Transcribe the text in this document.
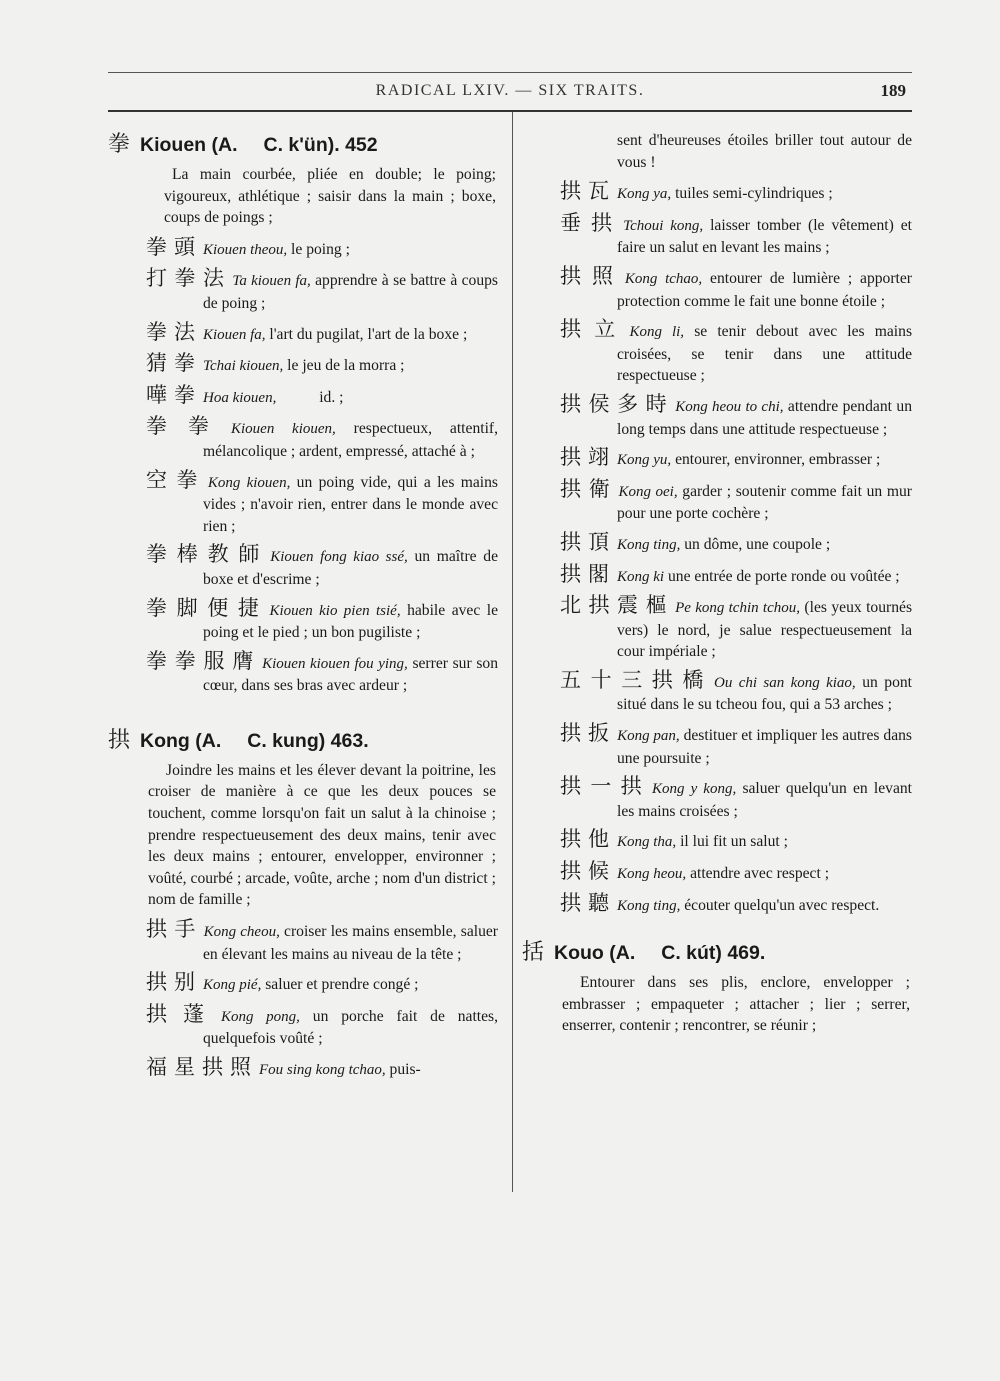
RADICAL LXIV. — SIX TRAITS.	189
拳 Kiouen (A. C. k'ün). 452
La main courbée, pliée en double; le poing; vigoureux, athlétique ; saisir dans la main ; boxe, coups de poings ;
拳頭Kiouen theou, le poing ;
打拳法Ta kiouen fa, apprendre à se battre à coups de poing ;
拳法Kiouen fa, l'art du pugilat, l'art de la boxe ;
猜拳Tchai kiouen, le jeu de la morra ;
嘩拳Hoa kiouen,           id. ;
拳拳Kiouen kiouen, respectueux, attentif, mélancolique ; ardent, empressé, attaché à ;
空拳Kong kiouen, un poing vide, qui a les mains vides ; n'avoir rien, entrer dans le monde avec rien ;
拳棒教師Kiouen fong kiao ssé, un maître de boxe et d'escrime ;
拳脚便捷Kiouen kio pien tsié, habile avec le poing et le pied ; un bon pugiliste ;
拳拳服膺Kiouen kiouen fou ying, serrer sur son cœur, dans ses bras avec ardeur ;
拱 Kong (A. C. kung) 463.
Joindre les mains et les élever devant la poitrine, les croiser de manière à ce que les deux pouces se touchent, comme lorsqu'on fait un salut à la chinoise ; prendre respectueusement des deux mains, tenir avec les deux mains ; entourer, envelopper, environner ; voûté, courbé ; arcade, voûte, arche ; nom d'un district ; nom de famille ;
拱手Kong cheou, croiser les mains ensemble, saluer en élevant les mains au niveau de la tête ;
拱别Kong pié, saluer et prendre congé ;
拱蓬Kong pong, un porche fait de nattes, quelquefois voûté ;
福星拱照Fou sing kong tchao, puis-
sent d'heureuses étoiles briller tout autour de vous !
拱瓦Kong ya, tuiles semi-cylindriques ;
垂拱Tchoui kong, laisser tomber (le vêtement) et faire un salut en levant les mains ;
拱照Kong tchao, entourer de lumière ; apporter protection comme le fait une bonne étoile ;
拱立Kong li, se tenir debout avec les mains croisées, se tenir dans une attitude respectueuse ;
拱侯多時Kong heou to chi, attendre pendant un long temps dans une attitude respectueuse ;
拱翊Kong yu, entourer, environner, embrasser ;
拱衛Kong oei, garder ; soutenir comme fait un mur pour une porte cochère ;
拱頂Kong ting, un dôme, une coupole ;
拱閣Kong ki une entrée de porte ronde ou voûtée ;
北拱震樞Pe kong tchin tchou, (les yeux tournés vers) le nord, je salue respectueusement la cour impériale ;
五十三拱橋Ou chi san kong kiao, un pont situé dans le su tcheou fou, qui a 53 arches ;
拱扳Kong pan, destituer et impliquer les autres dans une poursuite ;
拱一拱Kong y kong, saluer quelqu'un en levant les mains croisées ;
拱他Kong tha, il lui fit un salut ;
拱候Kong heou, attendre avec respect ;
拱聽Kong ting, écouter quelqu'un avec respect.
括 Kouo (A. C. kút) 469.
Entourer dans ses plis, enclore, envelopper ; embrasser ; empaqueter ; attacher ; lier ; serrer, enserrer, contenir ; rencontrer, se réunir ;
